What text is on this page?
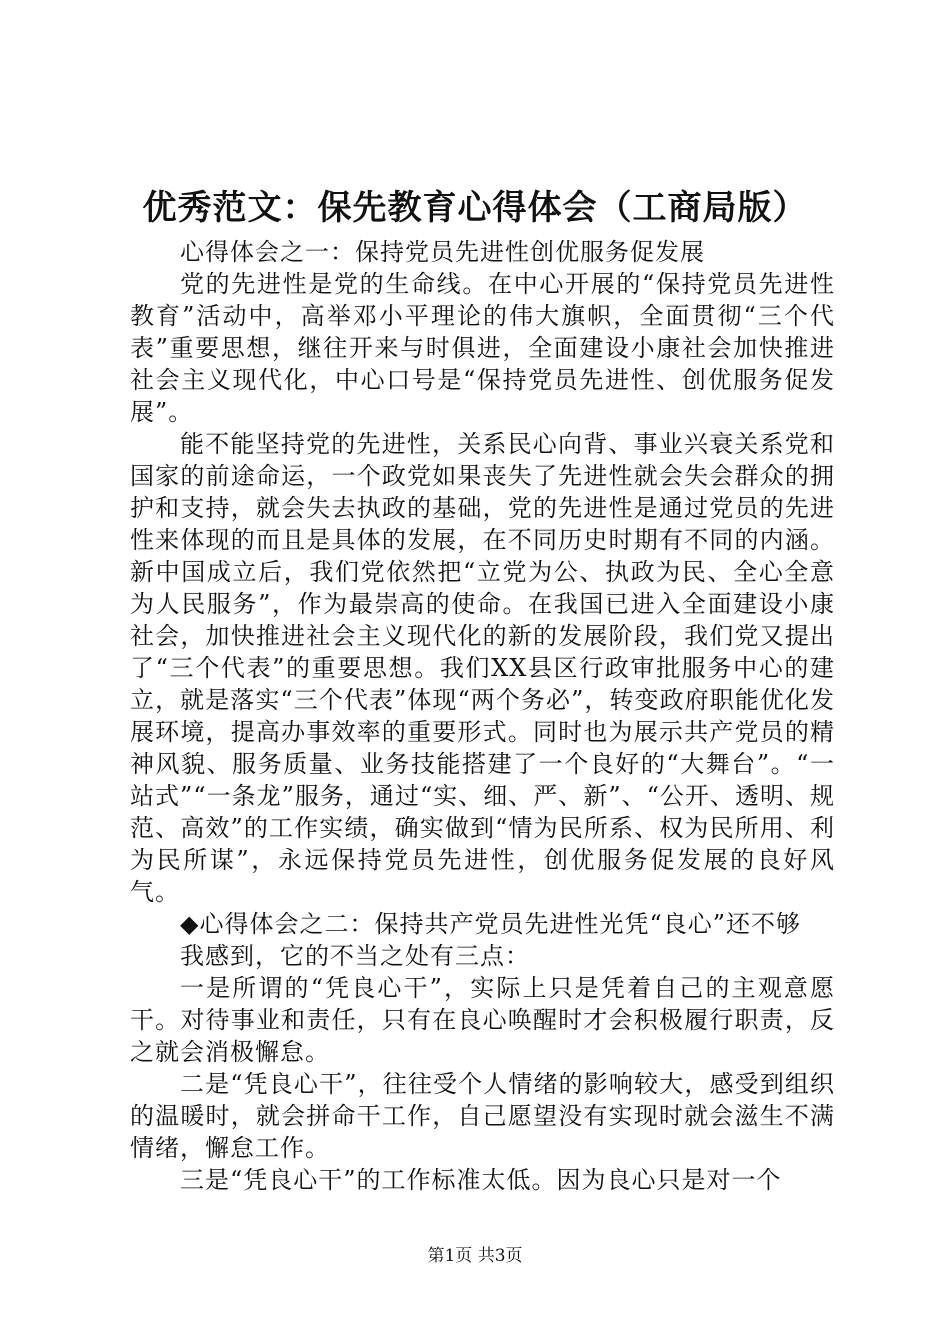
优秀范文：保先教育心得体会（工商局版）

心得体会之一：保持党员先进性创优服务促发展

党的先进性是党的生命线。在中心开展的“保持党员先进性教育”活动中，高举邓小平理论的伟大旗帜，全面贯彻“三个代表”重要思想，继往开来与时俱进，全面建设小康社会加快推进社会主义现代化，中心口号是“保持党员先进性、创优服务促发展”。

能不能坚持党的先进性，关系民心向背、事业兴衰关系党和国家的前途命运，一个政党如果丧失了先进性就会失会群众的拥护和支持，就会失去执政的基础，党的先进性是通过党员的先进性来体现的而且是具体的发展，在不同历史时期有不同的内涵。新中国成立后，我们党依然把“立党为公、执政为民、全心全意为人民服务”，作为最崇高的使命。在我国已进入全面建设小康社会，加快推进社会主义现代化的新的发展阶段，我们党又提出了“三个代表”的重要思想。我们XX县区行政审批服务中心的建立，就是落实“三个代表”体现“两个务必”，转变政府职能优化发展环境，提高办事效率的重要形式。同时也为展示共产党员的精神风貌、服务质量、业务技能搭建了一个良好的“大舞台”。“一站式”“一条龙”服务，通过“实、细、严、新”、“公开、透明、规范、高效”的工作实绩，确实做到“情为民所系、权为民所用、利为民所谋”，永远保持党员先进性，创优服务促发展的良好风气。

◆心得体会之二：保持共产党员先进性光凭“良心”还不够

我感到，它的不当之处有三点：

一是所谓的“凭良心干”，实际上只是凭着自己的主观意愿干。对待事业和责任，只有在良心唤醒时才会积极履行职责，反之就会消极懈怠。

二是“凭良心干”，往往受个人情绪的影响较大，感受到组织的温暖时，就会拼命干工作，自己愿望没有实现时就会滋生不满情绪，懈怠工作。

三是“凭良心干”的工作标准太低。因为良心只是对一个

第1页 共3页
